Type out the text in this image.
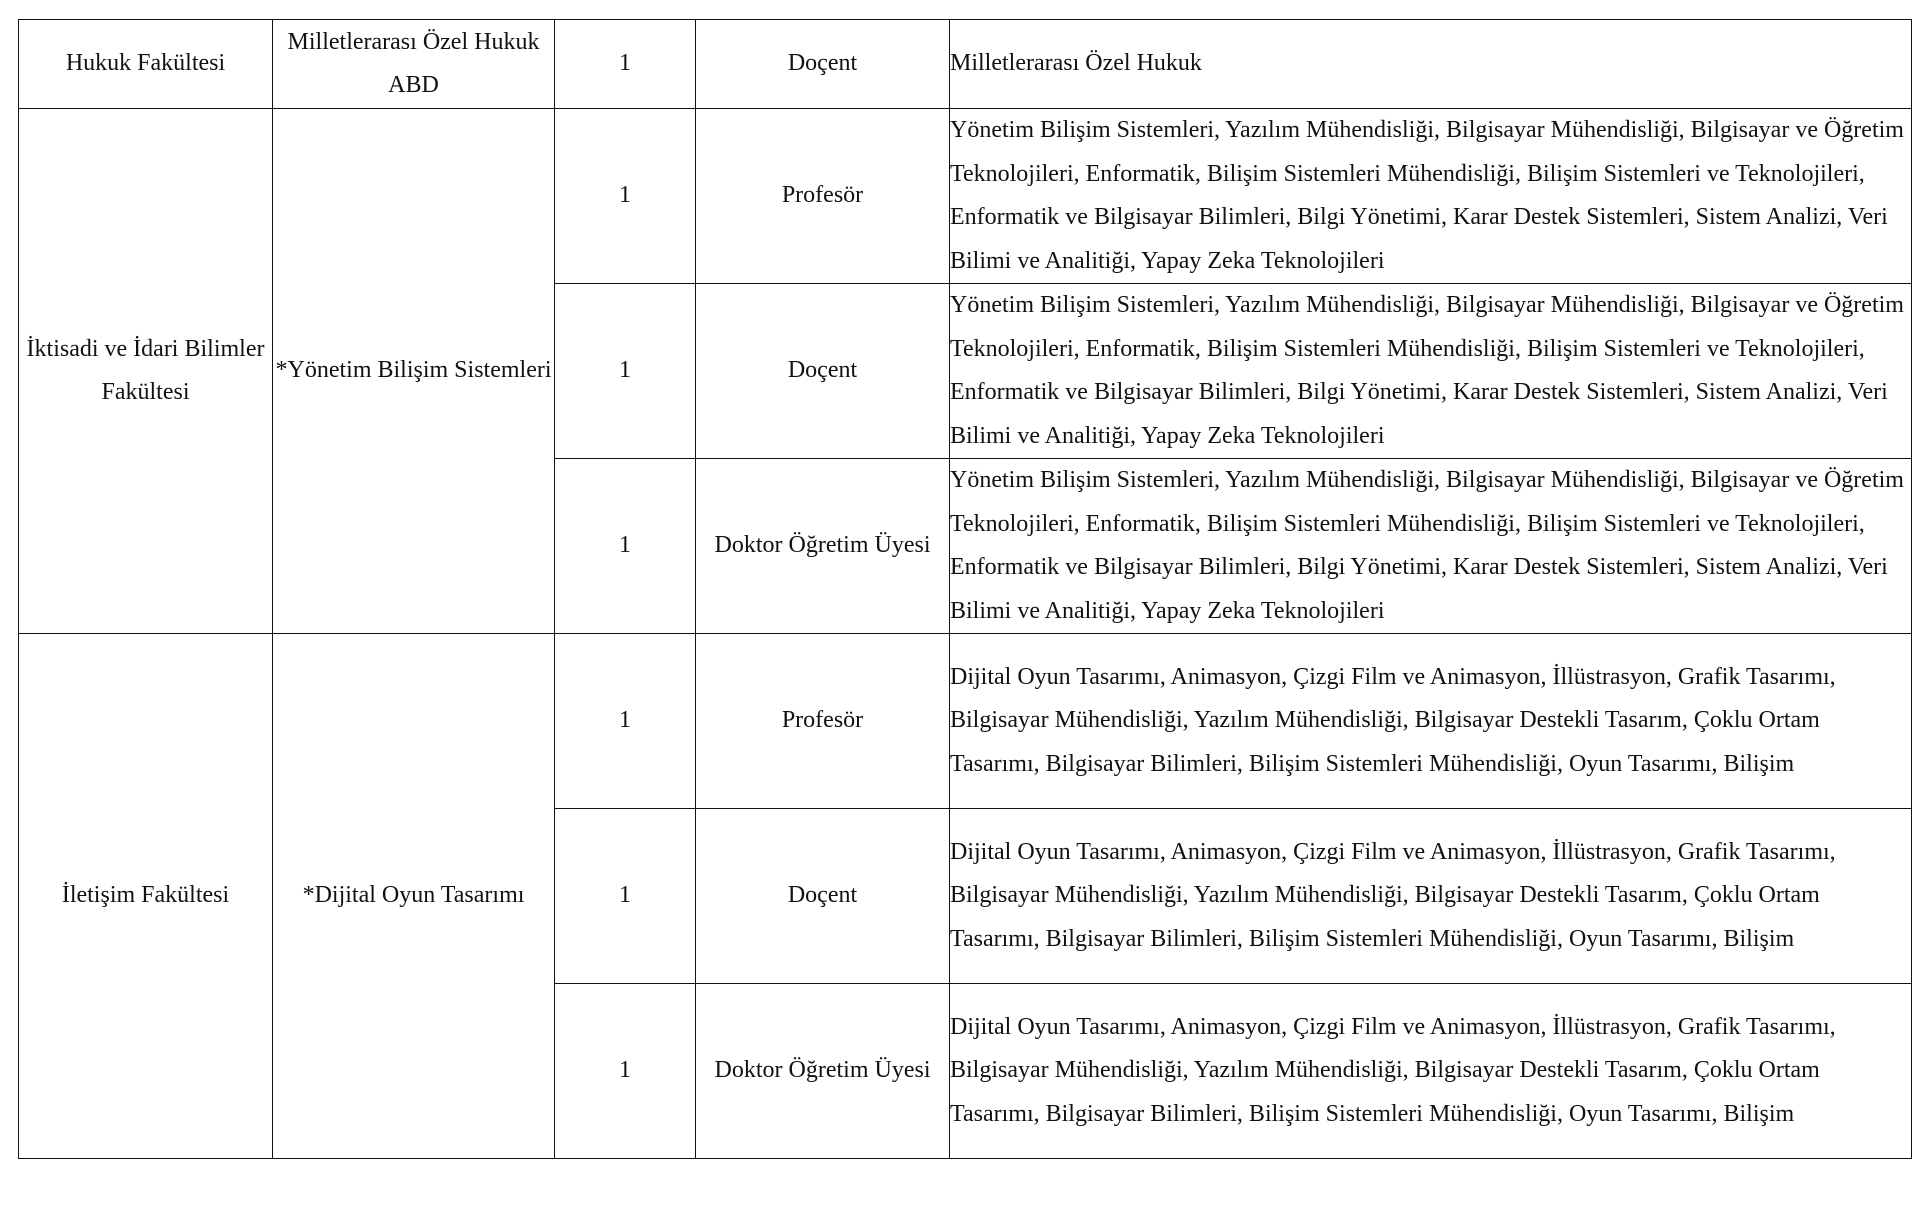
Hukuk Fakültesi	Milletlerarası Özel Hukuk ABD	1	Doçent	Milletlerarası Özel Hukuk
İktisadi ve İdari Bilimler Fakültesi	*Yönetim Bilişim Sistemleri	1	Profesör	Yönetim Bilişim Sistemleri, Yazılım Mühendisliği, Bilgisayar Mühendisliği, Bilgisayar ve Öğretim Teknolojileri, Enformatik, Bilişim Sistemleri Mühendisliği, Bilişim Sistemleri ve Teknolojileri, Enformatik ve Bilgisayar Bilimleri, Bilgi Yönetimi, Karar Destek Sistemleri, Sistem Analizi, Veri Bilimi ve Analitiği, Yapay Zeka Teknolojileri
		1	Doçent	Yönetim Bilişim Sistemleri, Yazılım Mühendisliği, Bilgisayar Mühendisliği, Bilgisayar ve Öğretim Teknolojileri, Enformatik, Bilişim Sistemleri Mühendisliği, Bilişim Sistemleri ve Teknolojileri, Enformatik ve Bilgisayar Bilimleri, Bilgi Yönetimi, Karar Destek Sistemleri, Sistem Analizi, Veri Bilimi ve Analitiği, Yapay Zeka Teknolojileri
		1	Doktor Öğretim Üyesi	Yönetim Bilişim Sistemleri, Yazılım Mühendisliği, Bilgisayar Mühendisliği, Bilgisayar ve Öğretim Teknolojileri, Enformatik, Bilişim Sistemleri Mühendisliği, Bilişim Sistemleri ve Teknolojileri, Enformatik ve Bilgisayar Bilimleri, Bilgi Yönetimi, Karar Destek Sistemleri, Sistem Analizi, Veri Bilimi ve Analitiği, Yapay Zeka Teknolojileri
İletişim Fakültesi	*Dijital Oyun Tasarımı	1	Profesör	Dijital Oyun Tasarımı, Animasyon, Çizgi Film ve Animasyon, İllüstrasyon, Grafik Tasarımı, Bilgisayar Mühendisliği, Yazılım Mühendisliği, Bilgisayar Destekli Tasarım, Çoklu Ortam Tasarımı, Bilgisayar Bilimleri, Bilişim Sistemleri Mühendisliği, Oyun Tasarımı, Bilişim
		1	Doçent	Dijital Oyun Tasarımı, Animasyon, Çizgi Film ve Animasyon, İllüstrasyon, Grafik Tasarımı, Bilgisayar Mühendisliği, Yazılım Mühendisliği, Bilgisayar Destekli Tasarım, Çoklu Ortam Tasarımı, Bilgisayar Bilimleri, Bilişim Sistemleri Mühendisliği, Oyun Tasarımı, Bilişim
		1	Doktor Öğretim Üyesi	Dijital Oyun Tasarımı, Animasyon, Çizgi Film ve Animasyon, İllüstrasyon, Grafik Tasarımı, Bilgisayar Mühendisliği, Yazılım Mühendisliği, Bilgisayar Destekli Tasarım, Çoklu Ortam Tasarımı, Bilgisayar Bilimleri, Bilişim Sistemleri Mühendisliği, Oyun Tasarımı, Bilişim
